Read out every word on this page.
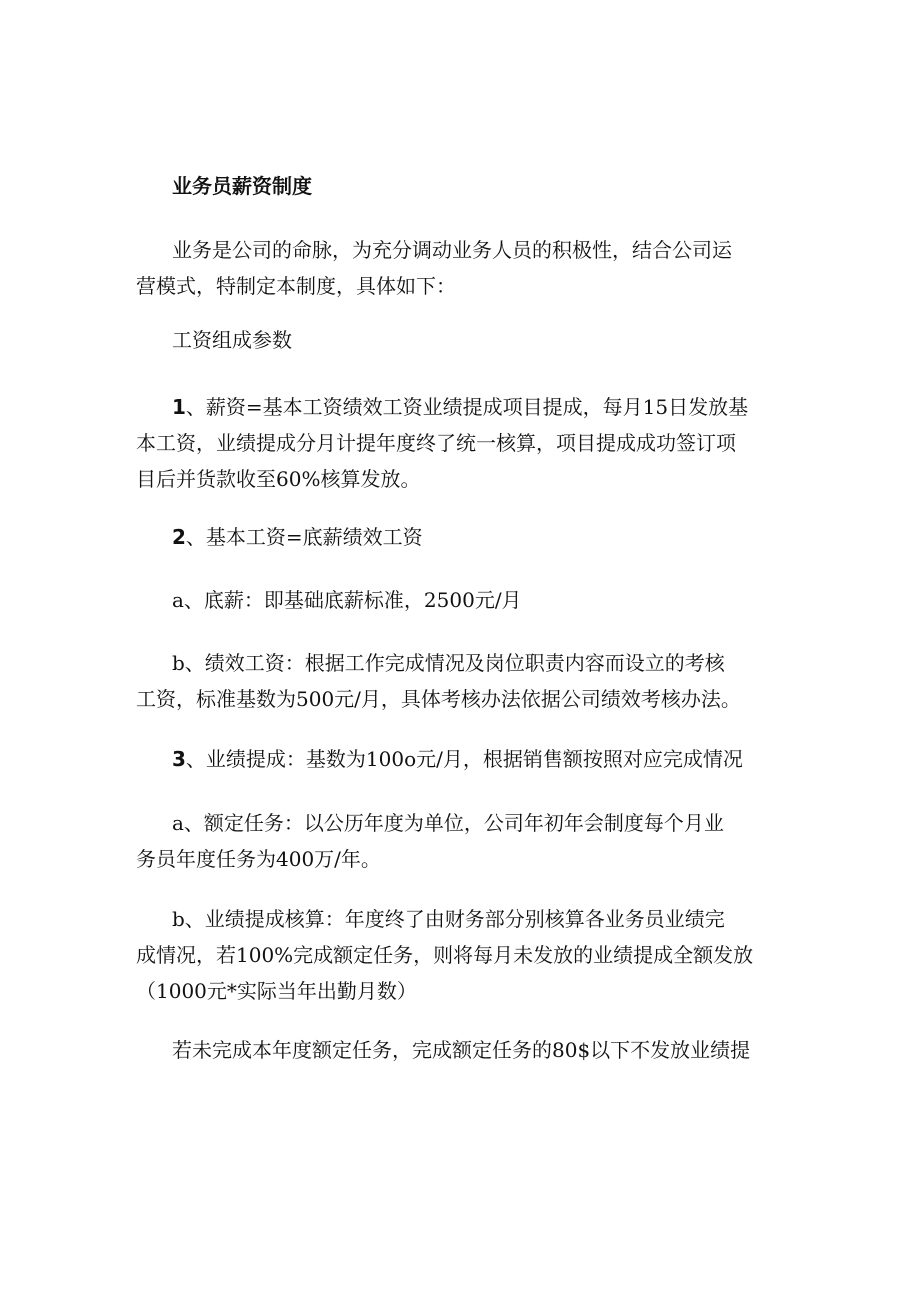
业务员薪资制度
业务是公司的命脉，为充分调动业务人员的积极性，结合公司运
营模式，特制定本制度，具体如下：
工资组成参数
1、薪资=基本工资绩效工资业绩提成项目提成，每月15日发放基
本工资，业绩提成分月计提年度终了统一核算，项目提成成功签订项
目后并货款收至60%核算发放。
2、基本工资=底薪绩效工资
a、底薪：即基础底薪标准，2500元/月
b、绩效工资：根据工作完成情况及岗位职责内容而设立的考核
工资，标准基数为500元/月，具体考核办法依据公司绩效考核办法。
3、业绩提成：基数为100o元/月，根据销售额按照对应完成情况
a、额定任务：以公历年度为单位，公司年初年会制度每个月业
务员年度任务为400万/年。
b、业绩提成核算：年度终了由财务部分别核算各业务员业绩完
成情况，若100%完成额定任务，则将每月未发放的业绩提成全额发放
（1000元*实际当年出勤月数）
若未完成本年度额定任务，完成额定任务的80$以下不发放业绩提
